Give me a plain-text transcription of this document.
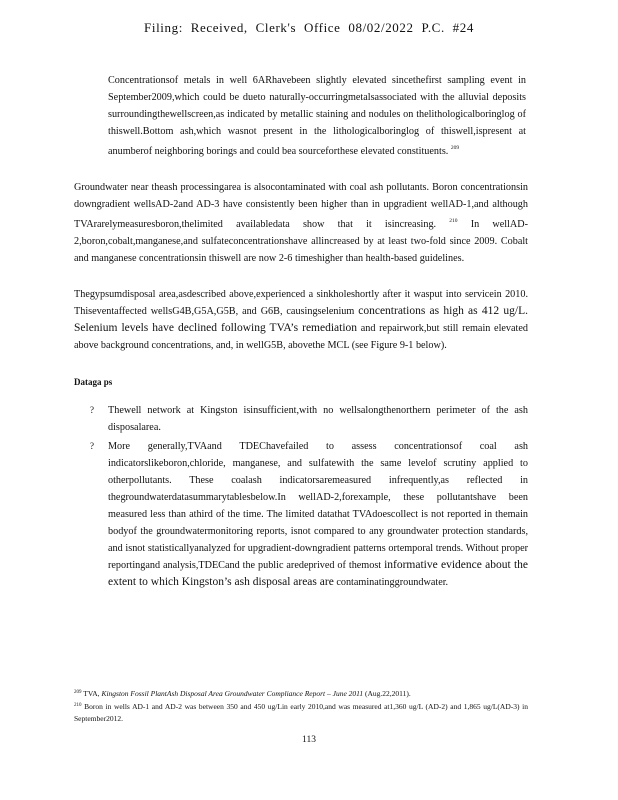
Filing: Received, Clerk's Office 08/02/2022 P.C. #24

Concentrationsof metals in well 6ARhavebeen slightly elevated sincethefirst sampling event in September2009,which could be dueto naturally-occurringmetalsassociated with the alluvial deposits surroundingthewellscreen,as indicated by metallic staining and nodules on thelithologicalboringlog of thiswell.Bottom ash,which wasnot present in the lithologicalboringlog of thiswell,ispresent at anumberof neighboring borings and could bea sourceforthese elevated constituents. $^{209}$

Groundwater near theash processingarea is alsocontaminated with coal ash pollutants. Boron concentrationsin downgradient wellsAD-2and AD-3 have consistently been higher than in upgradient wellAD-1,and although TVArarelymeasuresboron,thelimited availabledata show that it isincreasing. $^{210}$ In wellAD-2,boron,cobalt,manganese,and sulfateconcentrationshave allincreased by at least two-fold since 2009. Cobalt and manganese concentrationsin thiswell are now 2-6 timeshigher than health-based guidelines.

Thegypsumdisposal area,asdescribed above,experienced a sinkholeshortly after it wasput into servicein 2010. Thiseventaffected wellsG4B,G5A,G5B, and G6B, causingselenium concentrations as high as 412 ug/L. Selenium levels have declined following TVA’s remediation and repairwork,but still remain elevated above background concentrations, and, in wellG5B, abovethe MCL (see Figure 9-1 below).

Dataga ps
? Thewell network at Kingston isinsufficient,with no wellsalongthenorthern perimeter of the ash disposalarea.
? More generally,TVAand TDEChavefailed to assess concentrationsof coal ash indicatorslikeboron,chloride, manganese, and sulfatewith the same levelof scrutiny applied to otherpollutants. These coalash indicatorsaremeasured infrequently,as reflected in thegroundwaterdatasummarytablesbelow.In wellAD-2,forexample, these pollutantshave been measured less than athird of the time. The limited datathat TVAdoescollect is not reported in themain bodyof the groundwatermonitoring reports, isnot compared to any groundwater protection standards, and isnot statisticallyanalyzed for upgradient-downgradient patterns ortemporal trends. Without proper reportingand analysis,TDECand the public aredeprived of themost informative evidence about the extent to which Kingston’s ash disposal areas are contaminatinggroundwater.
$^{209}$ TVA, Kingston Fossil PlantAsh Disposal Area Groundwater Compliance Report – June 2011 (Aug.22,2011).
$^{210}$ Boron in wells AD-1 and AD-2 was between 350 and 450 ug/Lin early 2010,and was measured at1,360 ug/L (AD-2) and 1,865 ug/L(AD-3) in September2012.
113
